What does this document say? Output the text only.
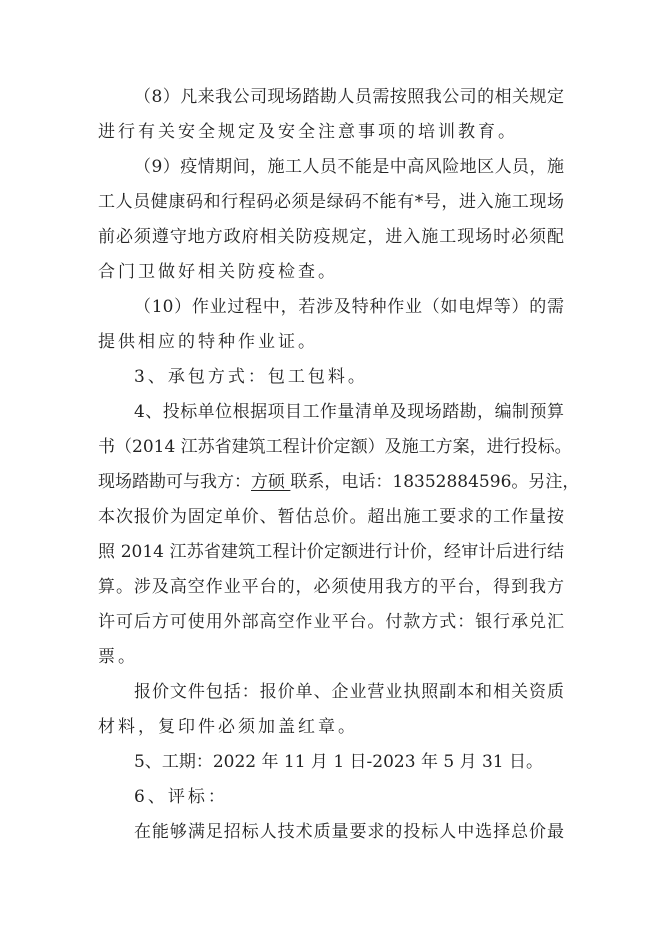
（8）凡来我公司现场踏勘人员需按照我公司的相关规定
进行有关安全规定及安全注意事项的培训教育。
（9）疫情期间，施工人员不能是中高风险地区人员，施
工人员健康码和行程码必须是绿码不能有*号，进入施工现场
前必须遵守地方政府相关防疫规定，进入施工现场时必须配
合门卫做好相关防疫检查。
（10）作业过程中，若涉及特种作业（如电焊等）的需
提供相应的特种作业证。
3、承包方式：包工包料。
4、投标单位根据项目工作量清单及现场踏勘，编制预算
书（2014 江苏省建筑工程计价定额）及施工方案，进行投标。
现场踏勘可与我方：方硕 联系，电话：18352884596。另注，
本次报价为固定单价、暂估总价。超出施工要求的工作量按
照 2014 江苏省建筑工程计价定额进行计价，经审计后进行结
算。涉及高空作业平台的，必须使用我方的平台，得到我方
许可后方可使用外部高空作业平台。付款方式：银行承兑汇
票。
报价文件包括：报价单、企业营业执照副本和相关资质
材料，复印件必须加盖红章。
5、工期：2022 年 11 月 1 日-2023 年 5 月 31 日。
6、评标：
在能够满足招标人技术质量要求的投标人中选择总价最
